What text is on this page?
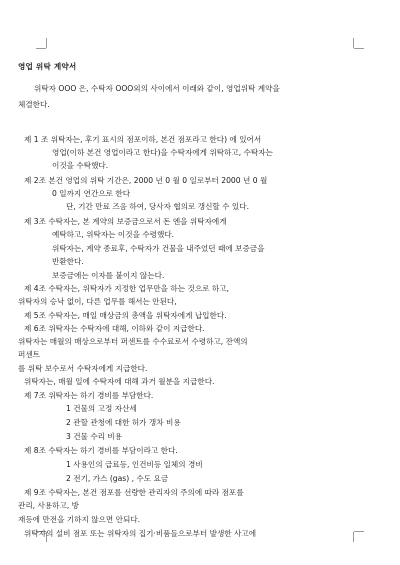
영업 위탁 계약서
위탁자 OOO 은, 수탁자 OOO외의 사이에서 이래와 같이, 영업위탁 계약을
체결한다.
제 1 조 위탁자는, 후기 표시의 점포이하, 본건 점포라고 한다) 에 있어서
영업(이하 본건 영업이라고 한다)을 수탁자에게 위탁하고, 수탁자는
이것을 수탁했다.
제 2조 본건 영업의 위탁 기간은, 2000 년 0 월 0 일로부터 2000 년 0 월
0 일까지 연간으로 한다
단, 기간 만료 즈음 하여, 당사자 협의로 갱신할 수 있다.
제 3조 수탁자는, 본 계약의 보증금으로서 돈 엔을 위탁자에게
예탁하고, 위탁자는 이것을 수령했다.
위탁자는, 계약 종료후, 수탁자가 건물을 내주었던 때에 보증금을
반환한다.
보증금에는 이자를 붙이지 않는다.
제 4조 수탁자는, 위탁자가 지정한 업무만을 하는 것으로 하고,
위탁자의 승낙 없이, 다른 업무를 해서는 안된다,
제 5조 수탁자는, 매일 매상금의 총액을 위탁자에게 납입한다.
제 6조 위탁자는 수탁자에 대해, 이하와 같이 지급한다.
위탁자는 매월의 매상으로부터 퍼센트를 수수료로서 수령하고, 잔액의
퍼센트
를 위탁 보수로서 수탁자에게 지급한다.
위탁자는, 매월 일에 수탁자에 대해 과거 월분을 지급한다.
제 7조 위탁자는 하기 경비를 부담한다.
1 건물의 고정 자산세
2 관할 관청에 대한 허가 갱차 비용
3 건물 수리 비용
제 8조 수탁자는 하기 경비를 부담이라고 한다.
1 사용인의 급료등, 인건비등 일체의 경비
2 전기, 가스 (gas) , 수도 요금
제 9조 수탁자는, 본건 점포를 선량한 관리자의 주의에 따라 점포를
관리, 사용하고, 방
재등에 만전을 기하지 않으면 안되다.
위탁자의 설비 점포 또는 위탁자의 집기·비품들으로부터 발생한 사고에
